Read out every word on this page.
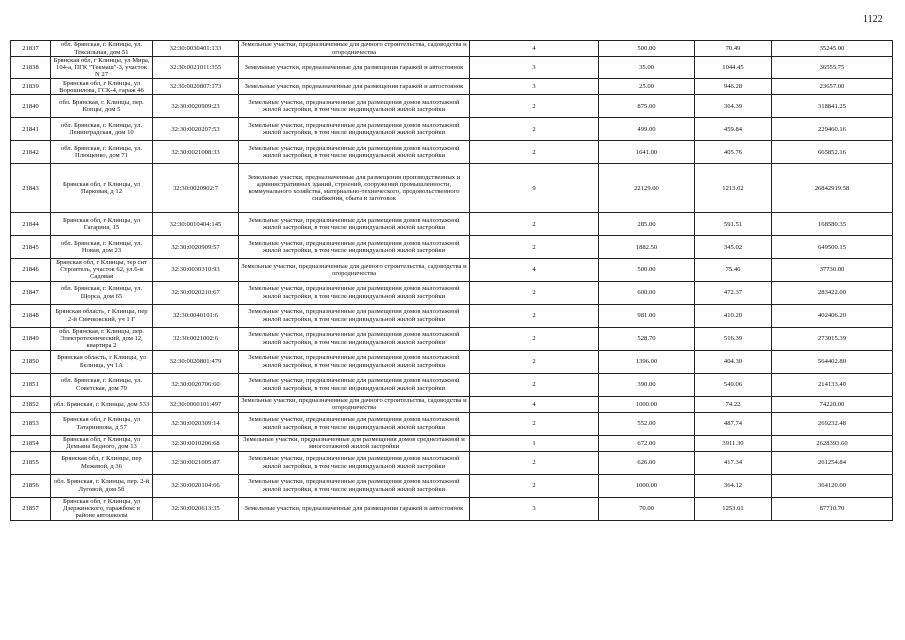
1122
21837	обл. Брянская, г. Клинцы, ул. Тексильная, дом 51	32:30:0030401:133	Земельные участки, предназначенные для дачного строительства, садоводства и огородничества	4	500.00	70.49	35245.00
21838	Брянская обл, г Клинцы, ул Мира, 104-а, ПГК "Текмаш"-3, участок N 27	32:30:0021011:355	Земельные участки, предназначенные для размещения гаражей и автостоянок	3	35.00	1044.45	36555.75
21839	Брянская обл, г Клинцы, ул Ворошилова, ГСК-4, гараж 46	32:30:0020807:173	Земельные участки, предназначенные для размещения гаражей и автостоянок	3	25.00	946.28	23657.00
21840	обл. Брянская, г. Клинцы, пер. Копцы, дом 5	32:30:0020909:23	Земельные участки, предназначенные для размещения домов малоэтажной жилой застройки, в том числе индивидуальной жилой застройки	2	875.00	364.39	318841.25
21841	обл. Брянская, г. Клинцы, ул. Ленинградская, дом 10	32:30:0020207:53	Земельные участки, предназначенные для размещения домов малоэтажной жилой застройки, в том числе индивидуальной жилой застройки	2	499.00	459.84	229460.16
21842	обл. Брянская, г. Клинцы, ул. Плющенко, дом 71	32:30:0021008:33	Земельные участки, предназначенные для размещения домов малоэтажной жилой застройки, в том числе индивидуальной жилой застройки	2	1641.00	405.76	665852.16
21843	Брянская обл, г Клинцы, ул Парковая, д 12	32:30:0020902:7	Земельные участки, предназначенные для размещения производственных и административных зданий, строений, сооружений промышленности, коммунального хозяйства, материально-технического, продовольственного снабжения, сбыта и заготовок	9	22129.00	1213.02	26842919.58
21844	Брянская обл, г Клинцы, ул Гагарина, 15	32:30:0010404:145	Земельные участки, предназначенные для размещения домов малоэтажной жилой застройки, в том числе индивидуальной жилой застройки	2	285.00	591.51	168580.35
21845	обл. Брянская, г. Клинцы, ул. Новая, дом 23	32:30:0020909:57	Земельные участки, предназначенные для размещения домов малоэтажной жилой застройки, в том числе индивидуальной жилой застройки	2	1882.50	345.02	649500.15
21846	Брянская обл, г Клинцы, тер снт Строитель, участок 62, ул.6-я Садовая	32:30:0030310:93	Земельные участки, предназначенные для дачного строительства, садоводства и огородничества	4	500.00	75.46	37730.00
21847	обл. Брянская, г. Клинцы, ул. Щорса, дом 65	32:30:0020210:67	Земельные участки, предназначенные для размещения домов малоэтажной жилой застройки, в том числе индивидуальной жилой застройки	2	600.00	472.37	283422.00
21848	Брянская область, г Клинцы, пер 2-й Свячковский, уч 1 Г	32:30:0040101:6	Земельные участки, предназначенные для размещения домов малоэтажной жилой застройки, в том числе индивидуальной жилой застройки	2	981.00	410.20	402406.20
21849	обл. Брянская, г. Клинцы, пер. Электротехнический, дом 12, квартира 2	32:30:0021002:6	Земельные участки, предназначенные для размещения домов малоэтажной жилой застройки, в том числе индивидуальной жилой застройки	2	528.70	516.39	273015.39
21850	Брянская область, г Клинцы, ул Белинца, уч 1А	32:30:0020801:479	Земельные участки, предназначенные для размещения домов малоэтажной жилой застройки, в том числе индивидуальной жилой застройки	2	1396.00	404.30	564402.80
21851	обл. Брянская, г. Клинцы, ул. Советская, дом 79	32:30:0020706:60	Земельные участки, предназначенные для размещения домов малоэтажной жилой застройки, в том числе индивидуальной жилой застройки	2	390.00	549.06	214133.40
21852	обл. Брянская, г. Клинцы, дом 533	32:30:0060101:497	Земельные участки, предназначенные для дачного строительства, садоводства и огородничества	4	1000.00	74.22	74220.00
21853	Брянская обл, г Клинцы, ул Татарнинова, д 57	32:30:0020309:14	Земельные участки, предназначенные для размещения домов малоэтажной жилой застройки, в том числе индивидуальной жилой застройки	2	552.00	487.74	269232.48
21854	Брянская обл, г Клинцы, ул Демьяна Бедного, дом 13	32:30:0010206:68	Земельные участки, предназначенные для размещения домов среднеэтажной и многоэтажной жилой застройки	1	672.00	3911.30	2628393.60
21855	Брянская обл, г Клинцы, пер Межевой, д 36	32:30:0021005:87	Земельные участки, предназначенные для размещения домов малоэтажной жилой застройки, в том числе индивидуальной жилой застройки	2	626.00	417.34	261254.84
21856	обл. Брянская, г. Клинцы, пер. 2-й Луговой, дом 5б	32:30:0020104:66	Земельные участки, предназначенные для размещения домов малоэтажной жилой застройки, в том числе индивидуальной жилой застройки	2	1000.00	364.12	364120.00
21857	Брянская обл, г Клинцы, ул Дзержинского, гаражбокс в районе автошколы	32:30:0020613:35	Земельные участки, предназначенные для размещения гаражей и автостоянок	3	70.00	1253.01	87710.70
